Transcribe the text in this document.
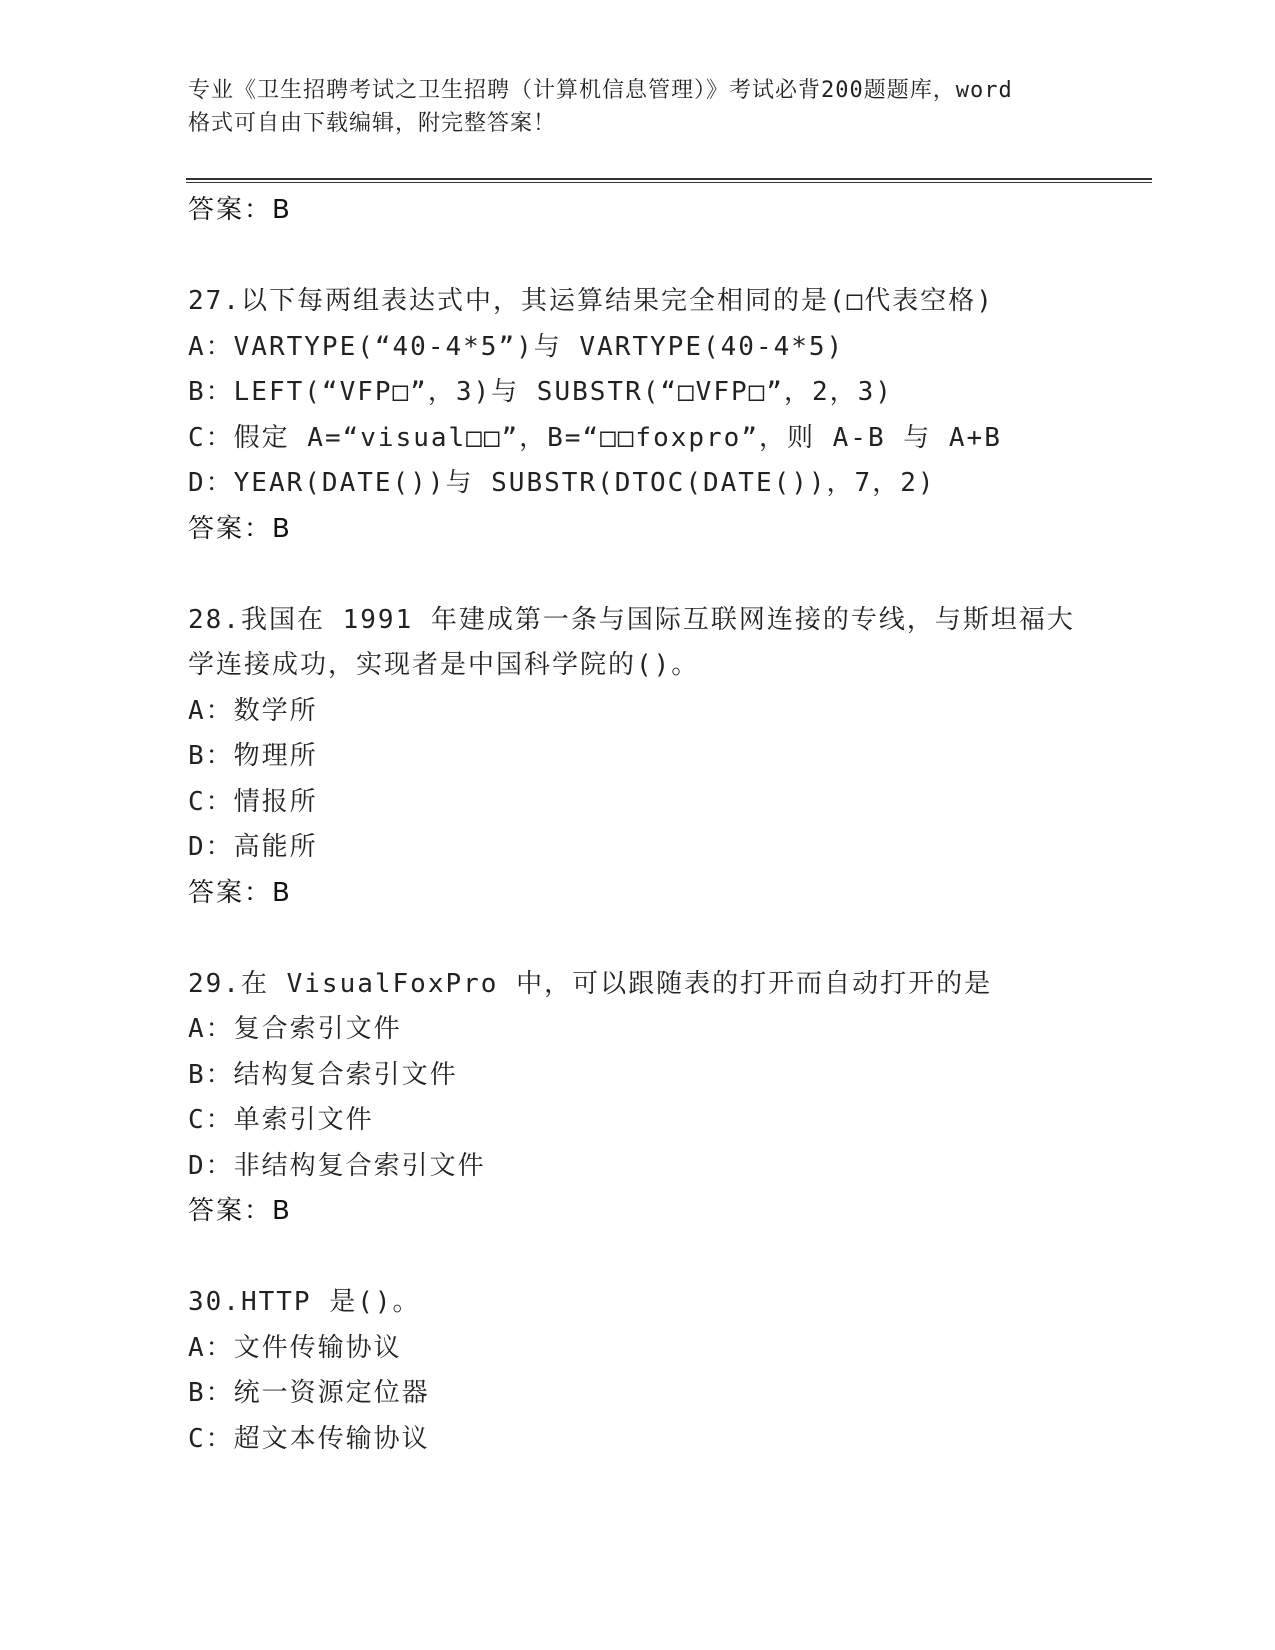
专业《卫生招聘考试之卫生招聘（计算机信息管理）》考试必背200题题库，word
格式可自由下载编辑，附完整答案！
答案：B
27.以下每两组表达式中，其运算结果完全相同的是(□代表空格)
A：VARTYPE(“40-4*5”)与 VARTYPE(40-4*5)
B：LEFT(“VFP□”，3)与 SUBSTR(“□VFP□”，2，3)
C：假定 A=“visual□□”，B=“□□foxpro”，则 A-B 与 A+B
D：YEAR(DATE())与 SUBSTR(DTOC(DATE())，7，2)
答案：B
28.我国在 1991 年建成第一条与国际互联网连接的专线，与斯坦福大
学连接成功，实现者是中国科学院的()。
A：数学所
B：物理所
C：情报所
D：高能所
答案：B
29.在 VisualFoxPro 中，可以跟随表的打开而自动打开的是
A：复合索引文件
B：结构复合索引文件
C：单索引文件
D：非结构复合索引文件
答案：B
30.HTTP 是()。
A：文件传输协议
B：统一资源定位器
C：超文本传输协议
